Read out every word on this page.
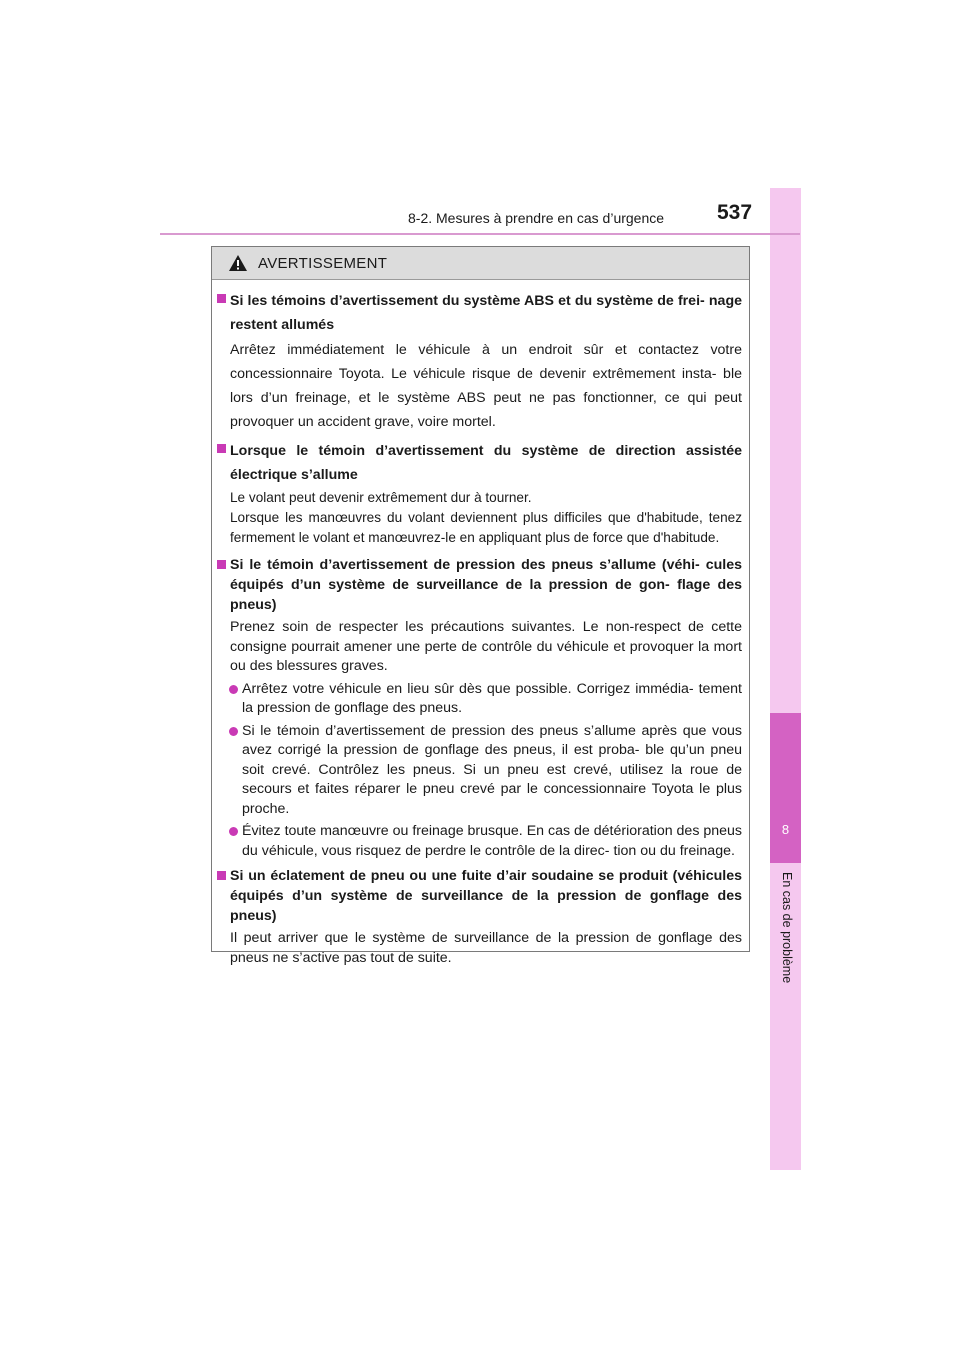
8
En cas de problème
8-2. Mesures à prendre en cas d’urgence	537
AVERTISSEMENT
Si les témoins d’avertissement du système ABS et du système de frei- nage restent allumés
Arrêtez immédiatement le véhicule à un endroit sûr et contactez votre concessionnaire Toyota. Le véhicule risque de devenir extrêmement insta- ble lors d’un freinage, et le système ABS peut ne pas fonctionner, ce qui peut provoquer un accident grave, voire mortel.
Lorsque le témoin d’avertissement du système de direction assistée électrique s’allume
Le volant peut devenir extrêmement dur à tourner.
Lorsque les manœuvres du volant deviennent plus difficiles que d'habitude, tenez fermement le volant et manœuvrez-le en appliquant plus de force que d'habitude.
Si le témoin d’avertissement de pression des pneus s’allume (véhi- cules équipés d’un système de surveillance de la pression de gon- flage des pneus)
Prenez soin de respecter les précautions suivantes. Le non-respect de cette consigne pourrait amener une perte de contrôle du véhicule et provoquer la mort ou des blessures graves.
Arrêtez votre véhicule en lieu sûr dès que possible. Corrigez immédia- tement la pression de gonflage des pneus.
Si le témoin d’avertissement de pression des pneus s’allume après que vous avez corrigé la pression de gonflage des pneus, il est proba- ble qu’un pneu soit crevé. Contrôlez les pneus. Si un pneu est crevé, utilisez la roue de secours et faites réparer le pneu crevé par le concessionnaire Toyota le plus proche.
Évitez toute manœuvre ou freinage brusque. En cas de détérioration des pneus du véhicule, vous risquez de perdre le contrôle de la direc- tion ou du freinage.
Si un éclatement de pneu ou une fuite d’air soudaine se produit (véhicules équipés d’un système de surveillance de la pression de gonflage des pneus)
Il peut arriver que le système de surveillance de la pression de gonflage des pneus ne s’active pas tout de suite.
